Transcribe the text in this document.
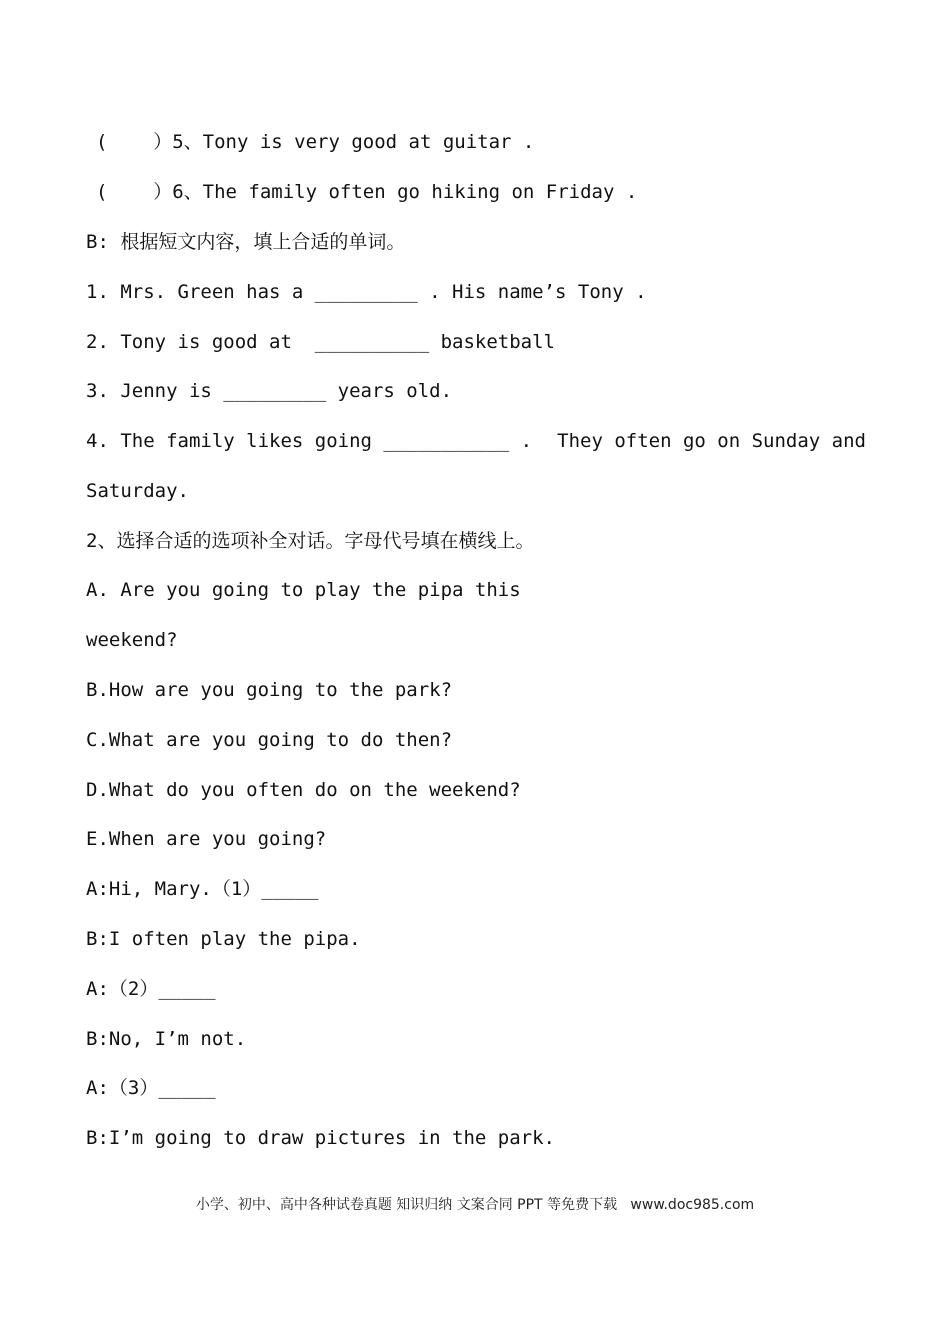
(    ）5、Tony is very good at guitar .
(    ）6、The family often go hiking on Friday .
B: 根据短文内容，填上合适的单词。
1. Mrs. Green has a _________ . His name’s Tony .
2. Tony is good at  __________ basketball
3. Jenny is _________ years old.
4. The family likes going ___________ . They often go on Sunday and
Saturday.
2、选择合适的选项补全对话。字母代号填在横线上。
A. Are you going to play the pipa this
weekend?
B.How are you going to the park?
C.What are you going to do then?
D.What do you often do on the weekend?
E.When are you going?
A:Hi, Mary.（1）_____
B:I often play the pipa.
A:（2）_____
B:No, I’m not.
A:（3）_____
B:I’m going to draw pictures in the park.
小学、初中、高中各种试卷真题 知识归纳 文案合同 PPT 等免费下载   www.doc985.com
